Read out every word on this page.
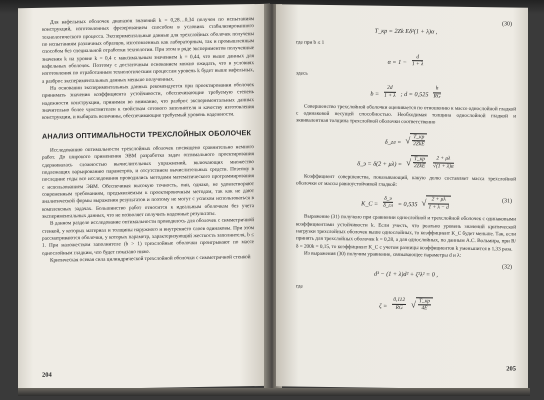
Для вафельных оболочек диапазон значений k = 0,28…0,34 получен по испытаниям конструкций, изготовленных фрезерованием способом в условиях стабилизированного технологического процесса. Экспериментальные данные для трехслойных оболочек получены по испытаниям различных образцов, изготовленных как лабораторным, так и промышленным способом без специальной отработки технологии. При этом в ряде экспериментов полученные значения k на уровне k = 0,4 с максимальным значением k = 0,44, что выше данных для вафельных оболочек. Поэтому с достаточным основанием можно ожидать, что в условиях изготовления по отработанным технологическим процессам уровень k будет выше вафельных, а разброс экспериментальных данных меньше полученных.

На основании экспериментальных данных рекомендуется при проектировании оболочек принимать значения коэффициента устойчивости, обеспечивающие требуемую степень надежности конструкции, принимая во внимание, что разброс экспериментальных данных значительно более чувствителен к свойствам сотового заполнителя и качеству изготовления конструкции, и выбирать величины, обеспечивающие требуемый уровень надежности.

АНАЛИЗ ОПТИМАЛЬНОСТИ ТРЕХСЛОЙНЫХ ОБОЛОЧЕК

Исследованию оптимальности трехслойных оболочек посвящено сравнительно немного работ. До широкого применения ЭВМ разработка задач оптимального проектирования сдерживалась сложностью вычислительных упражнений, включающих множество подлежащих варьированию параметров, и отсутствием вычислительных средств. Поэтому в последние годы все исследования проводились методами математического программирования с использованием ЭВМ. Обеспечивая высокую точность, они, однако, не удовлетворяют современным требованиям, предъявляемым к проектировочным методам, так как не дают аналитической формы выражения результатов и поэтому не могут с успехом использоваться в комплексных задачах. Большинство работ относится к идеальным оболочкам без учета экспериментальных данных, что не позволяет получить надежные результаты.

В данном разделе исследование оптимальности проводилось для оболочек с симметричной стенкой, у которых материал и толщины наружного и внутреннего слоев одинаковы. При этом рассматриваются оболочки, у которых параметр, характеризующий жесткость заполнителя, b ≤ 1. При маложестком заполнителе (b > 1) трехслойные оболочки проигрывают по массе однослойным гладким, что будет показано ниже.

Критическая осевая сила цилиндрической трехслойной оболочки с симметричной стенкой

204
T_кр = 2Zk Eδ²(1 + λ)α ,
(30)

где при b ≤ 1

$\alpha = 1 - \frac{d}{1 + \lambda}$

здесь

$b = \frac{2d}{1 + \lambda}$ ; $d = 0,525 \frac{h}{RG}$

Совершенство трехслойной оболочки оценивается по отношению к массе однослойной гладкой с одинаковой несущей способностью. Необходимая толщина однослойной гладкой и эквивалентная толщина трехслойной оболочки соответственно

δ_гл = √ $\frac{T\_кр}{\text{2ZkE}}$
δ_э = δ(2 + μλ) = √ $\frac{T\_кр}{\text{2ZkE}}$
$\frac{2 + \mu\lambda}{√(1 + \lambda)\alpha}$

Коэффициент совершенства, показывающий, какую долю составляет масса трехслойной оболочки от массы равноустойчивой гладкой:

K_C = $\frac{\delta\_э}{\delta\_гл} = 0,535$ √ $\frac{2 + \mu\lambda}{1 + \lambda - d}$	(31)

Выражение (31) получено при сравнении однослойной и трехслойной оболочек с одинаковыми коэффициентами устойчивости k. Если учесть, что реально уровень значений критической нагрузки трехслойных оболочек выше однослойных, то коэффициент K_C будет меньше. Так, если принять для трехслойных оболочек k = 0,28, а для однослойных, по данным А.С. Вольмира, при R/δ = 200k = 0,15, то коэффициент K_C с учетом разницы коэффициентов k уменьшится в 1,33 раза.

Из выражения (30) получим уравнение, связывающее параметры d и λ:

d³ − (1 + λ)d² + ζ²λ² = 0 ,
(32)

где

$\zeta = \frac{0,112}{RG}$ √ $\frac{T\_кр}{4E}$
205
